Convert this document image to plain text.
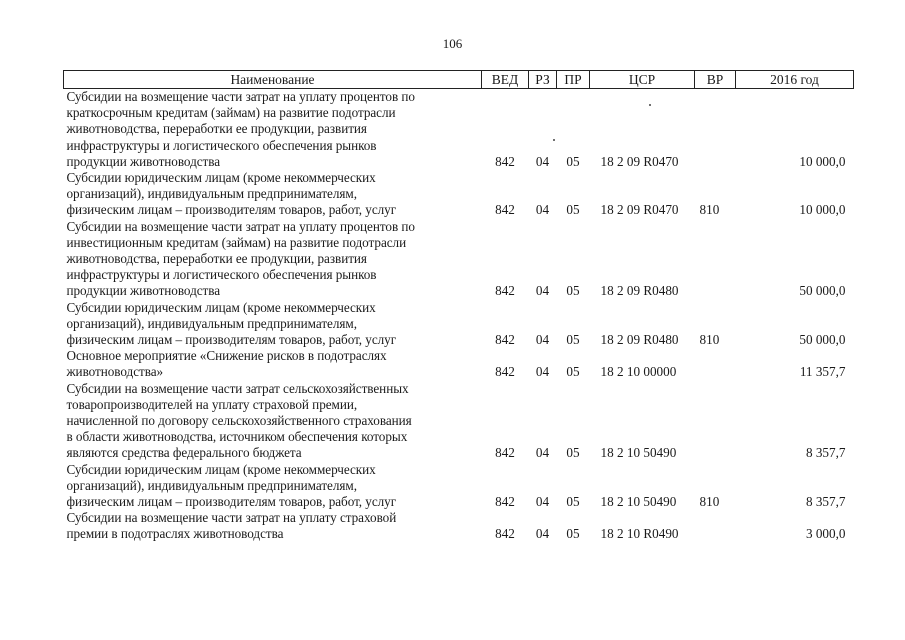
106
Наименование	ВЕД	РЗ	ПР	ЦСР	ВР	2016 год

Субсидии на возмещение части затрат на уплату процентов по
краткосрочным кредитам (займам) на развитие подотрасли
животноводства, переработки ее продукции, развития
инфраструктуры и логистического обеспечения рынков
продукции животноводства	842	04	05	18 2 09 R0470		10 000,0

Субсидии юридическим лицам (кроме некоммерческих
организаций), индивидуальным предпринимателям,
физическим лицам – производителям товаров, работ, услуг	842	04	05	18 2 09 R0470	810	10 000,0

Субсидии на возмещение части затрат на уплату процентов по
инвестиционным кредитам (займам) на развитие подотрасли
животноводства, переработки ее продукции, развития
инфраструктуры и логистического обеспечения рынков
продукции животноводства	842	04	05	18 2 09 R0480		50 000,0

Субсидии юридическим лицам (кроме некоммерческих
организаций), индивидуальным предпринимателям,
физическим лицам – производителям товаров, работ, услуг	842	04	05	18 2 09 R0480	810	50 000,0

Основное мероприятие «Снижение рисков в подотраслях
животноводства»	842	04	05	18 2 10 00000		11 357,7

Субсидии на возмещение части затрат сельскохозяйственных
товаропроизводителей на уплату страховой премии,
начисленной по договору сельскохозяйственного страхования
в области животноводства, источником обеспечения которых
являются средства федерального бюджета	842	04	05	18 2 10 50490		8 357,7

Субсидии юридическим лицам (кроме некоммерческих
организаций), индивидуальным предпринимателям,
физическим лицам – производителям товаров, работ, услуг	842	04	05	18 2 10 50490	810	8 357,7

Субсидии на возмещение части затрат на уплату страховой
премии в подотраслях животноводства	842	04	05	18 2 10 R0490		3 000,0
